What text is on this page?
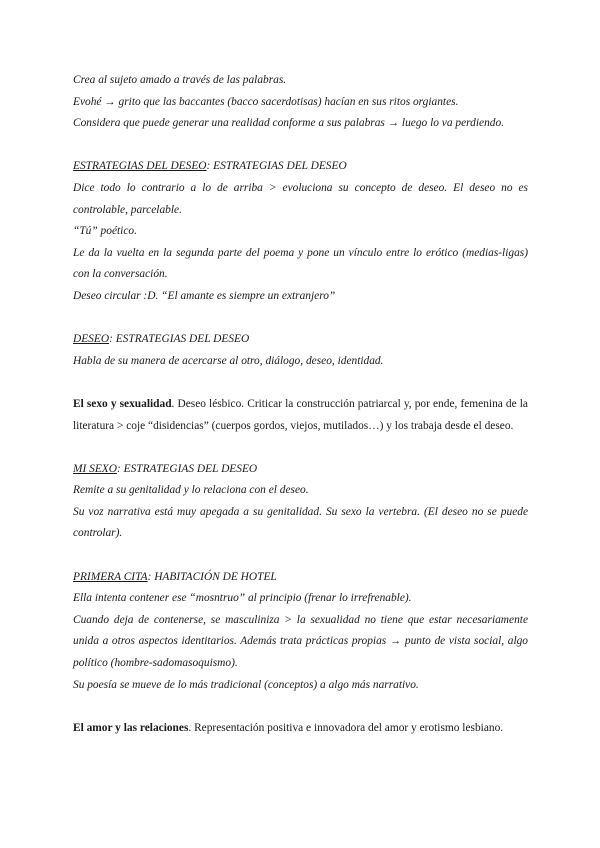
Crea al sujeto amado a través de las palabras.

Evohé → grito que las baccantes (bacco sacerdotisas) hacían en sus ritos orgiantes.

Considera que puede generar una realidad conforme a sus palabras → luego lo va perdiendo.

ESTRATEGIAS DEL DESEO: ESTRATEGIAS DEL DESEO

Dice todo lo contrario a lo de arriba > evoluciona su concepto de deseo. El deseo no es controlable, parcelable.

“Tú” poético.

Le da la vuelta en la segunda parte del poema y pone un vínculo entre lo erótico (medias-ligas) con la conversación.

Deseo circular :D. “El amante es siempre un extranjero”

DESEO: ESTRATEGIAS DEL DESEO

Habla de su manera de acercarse al otro, diálogo, deseo, identidad.

El sexo y sexualidad. Deseo lésbico. Criticar la construcción patriarcal y, por ende, femenina de la literatura > coje “disidencias” (cuerpos gordos, viejos, mutilados…) y los trabaja desde el deseo.

MI SEXO: ESTRATEGIAS DEL DESEO

Remite a su genitalidad y lo relaciona con el deseo.

Su voz narrativa está muy apegada a su genitalidad. Su sexo la vertebra. (El deseo no se puede controlar).

PRIMERA CITA: HABITACIÓN DE HOTEL

Ella intenta contener ese “mosntruo” al principio (frenar lo irrefrenable).

Cuando deja de contenerse, se masculiniza > la sexualidad no tiene que estar necesariamente unida a otros aspectos identitarios. Además trata prácticas propias → punto de vista social, algo político (hombre-sadomasoquismo).

Su poesía se mueve de lo más tradicional (conceptos) a algo más narrativo.

El amor y las relaciones. Representación positiva e innovadora del amor y erotismo lesbiano.
